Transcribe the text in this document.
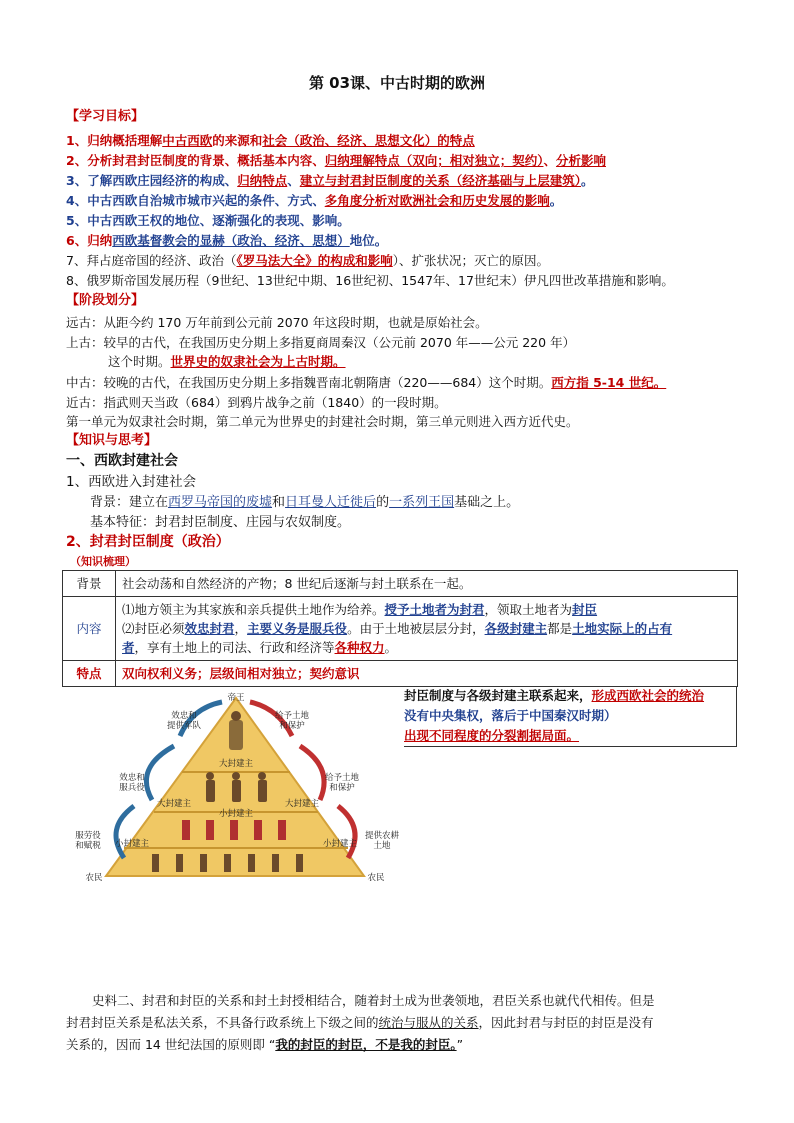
第 03课、中古时期的欧洲
【学习目标】
1、归纳概括理解中古西欧的来源和社会（政治、经济、思想文化）的特点
2、分析封君封臣制度的背景、概括基本内容、归纳理解特点（双向；相对独立；契约）、分析影响
3、了解西欧庄园经济的构成、归纳特点、建立与封君封臣制度的关系（经济基础与上层建筑）。
4、中古西欧自治城市城市兴起的条件、方式、多角度分析对欧洲社会和历史发展的影响。
5、中古西欧王权的地位、逐渐强化的表现、影响。
6、归纳西欧基督教会的显赫（政治、经济、思想）地位。
7、拜占庭帝国的经济、政治（《罗马法大全》的构成和影响）、扩张状况；灭亡的原因。
8、俄罗斯帝国发展历程（9世纪、13世纪中期、16世纪初、1547年、17世纪末）伊凡四世改革措施和影响。
【阶段划分】
远古：从距今约 170 万年前到公元前 2070 年这段时期，也就是原始社会。
上古：较早的古代，在我国历史分期上多指夏商周秦汉（公元前 2070 年——公元 220 年）
这个时期。世界史的奴隶社会为上古时期。
中古：较晚的古代，在我国历史分期上多指魏晋南北朝隋唐（220——684）这个时期。西方指 5-14 世纪。
近古：指武则天当政（684）到鸦片战争之前（1840）的一段时期。
第一单元为奴隶社会时期，第二单元为世界史的封建社会时期，第三单元则进入西方近代史。
【知识与思考】
一、西欧封建社会
1、西欧进入封建社会
背景：建立在西罗马帝国的废墟和日耳曼人迁徙后的一系列王国基础之上。
基本特征：封君封臣制度、庄园与农奴制度。
2、封君封臣制度（政治）
（知识梳理）
背景	社会动荡和自然经济的产物；8 世纪后逐渐与封土联系在一起。
内容	⑴地方领主为其家族和亲兵提供土地作为给养。授予土地者为封君，领取土地者为封臣
⑵封臣必须效忠封君，主要义务是服兵役。由于土地被层层分封，各级封建主都是土地实际上的占有
者，享有土地上的司法、行政和经济等各种权力。

特点	双向权利义务；层级间相对独立；契约意识
封臣制度与各级封建主联系起来，形成西欧社会的统治
没有中央集权，落后于中国秦汉时期）
出现不同程度的分裂割据局面。
帝王
大封建主
小封建主
农民	农民
大封建主	大封建主
小封建主	小封建主
效忠和
提供军队
效忠和
服兵役
服劳役
和赋税
给予土地
和保护
给予土地
和保护
提供农耕
土地
史料二、封君和封臣的关系和封土封授相结合，随着封土成为世袭领地，君臣关系也就代代相传。但是
封君封臣关系是私法关系，不具备行政系统上下级之间的统治与服从的关系，因此封君与封臣的封臣是没有
关系的，因而 14 世纪法国的原则即 “我的封臣的封臣，不是我的封臣。”
